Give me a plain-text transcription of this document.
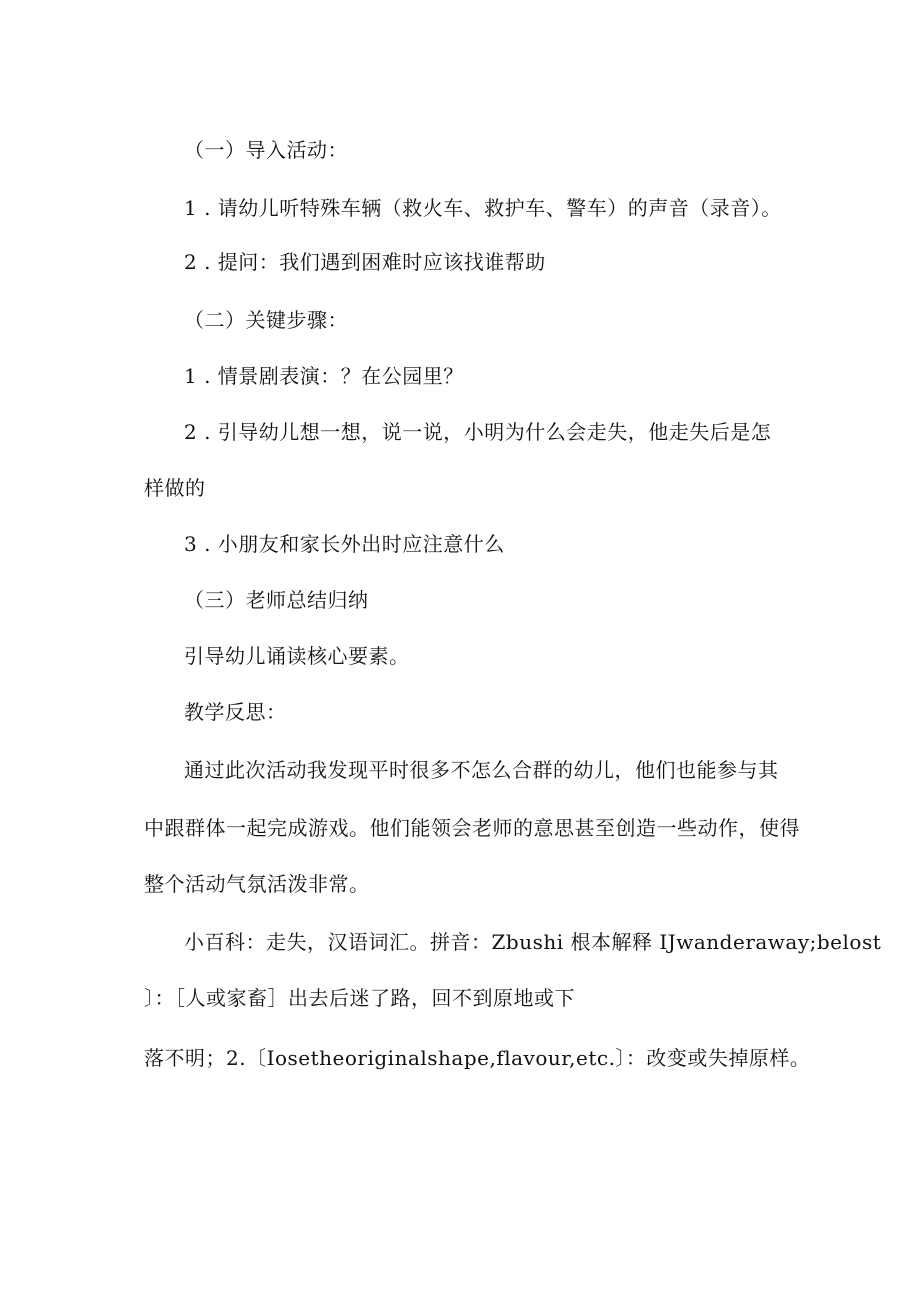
（一）导入活动：
1 . 请幼儿听特殊车辆（救火车、救护车、警车）的声音（录音）。
2 . 提问：我们遇到困难时应该找谁帮助
（二）关键步骤：
1 . 情景剧表演：？在公园里？
2 . 引导幼儿想一想，说一说，小明为什么会走失，他走失后是怎
样做的
3 . 小朋友和家长外出时应注意什么
（三）老师总结归纳
引导幼儿诵读核心要素。
教学反思：
通过此次活动我发现平时很多不怎么合群的幼儿，他们也能参与其
中跟群体一起完成游戏。他们能领会老师的意思甚至创造一些动作，使得
整个活动气氛活泼非常。
小百科：走失，汉语词汇。拼音：Zbushi 根本解释 IJwanderaway;belost
〕：［人或家畜］出去后迷了路，回不到原地或下
落不明；2.〔Iosetheoriginalshape,flavour,etc.〕：改变或失掉原样。
